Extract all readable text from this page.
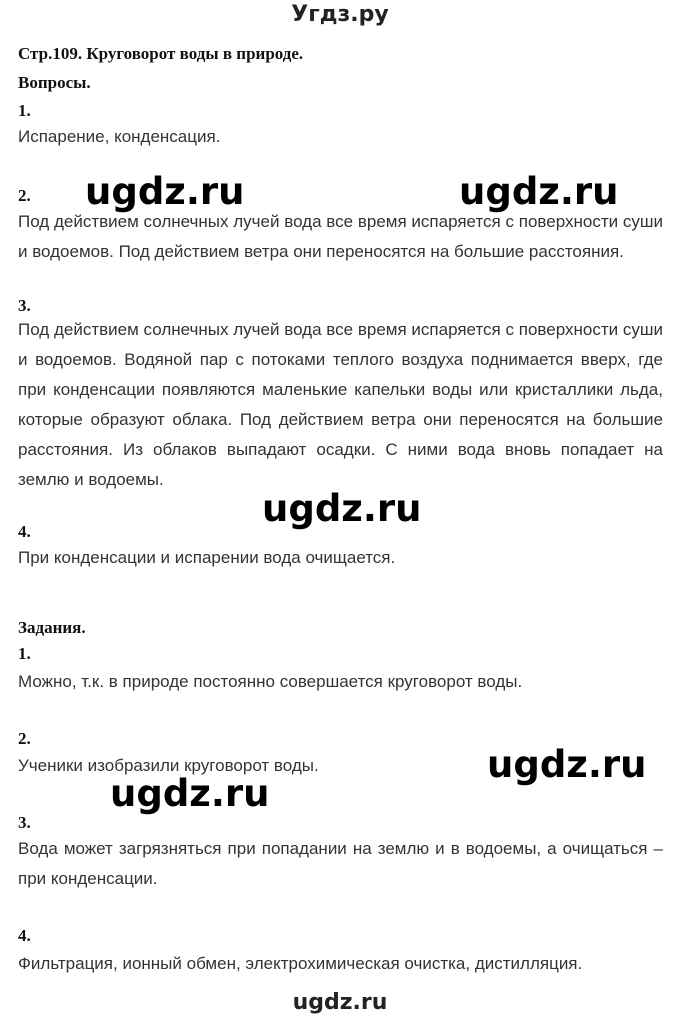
Угдз.ру
Стр.109. Круговорот воды в природе.
Вопросы.
1.
Испарение, конденсация.
2.
Под действием солнечных лучей вода все время испаряется с поверхности суши и водоемов. Под действием ветра они переносятся на большие расстояния.
3.
Под действием солнечных лучей вода все время испаряется с поверхности суши и водоемов. Водяной пар с потоками теплого воздуха поднимается вверх, где при конденсации появляются маленькие капельки воды или кристаллики льда, которые образуют облака. Под действием ветра они переносятся на большие расстояния. Из облаков выпадают осадки. С ними вода вновь попадает на землю и водоемы.
4.
При конденсации и испарении вода очищается.
Задания.
1.
Можно, т.к. в природе постоянно совершается круговорот воды.
2.
Ученики изобразили круговорот воды.
3.
Вода может загрязняться при попадании на землю и в водоемы, а очищаться – при конденсации.
4.
Фильтрация, ионный обмен, электрохимическая очистка, дистилляция.
ugdz.ru	ugdz.ru
ugdz.ru
ugdz.ru
ugdz.ru
ugdz.ru
